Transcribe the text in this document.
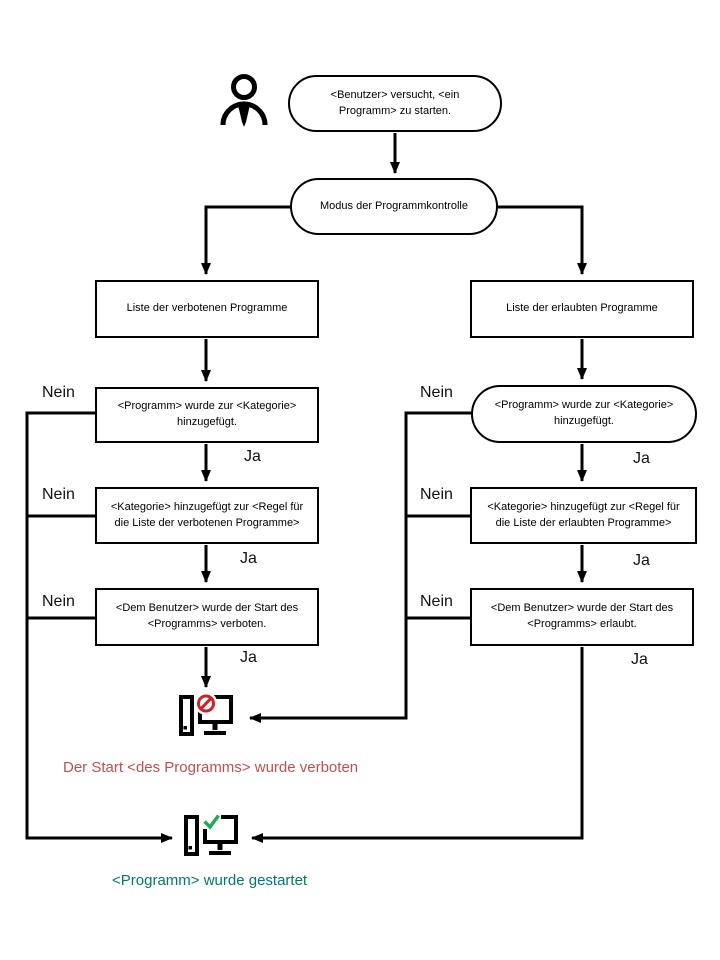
<Benutzer> versucht, <ein Programm> zu starten.
Modus der Programmkontrolle
Liste der verbotenen Programme
<Programm> wurde zur <Kategorie> hinzugefügt.
<Kategorie> hinzugefügt zur <Regel für die Liste der verbotenen Programme>
<Dem Benutzer> wurde der Start des <Programms> verboten.
Liste der erlaubten Programme
<Programm> wurde zur <Kategorie> hinzugefügt.
<Kategorie> hinzugefügt zur <Regel für die Liste der erlaubten Programme>
<Dem Benutzer> wurde der Start des <Programms> erlaubt.
Nein
Nein
Nein
Nein
Nein
Nein
Ja
Ja
Ja
Ja
Ja
Ja
Der Start <des Programms> wurde verboten
<Programm> wurde gestartet
